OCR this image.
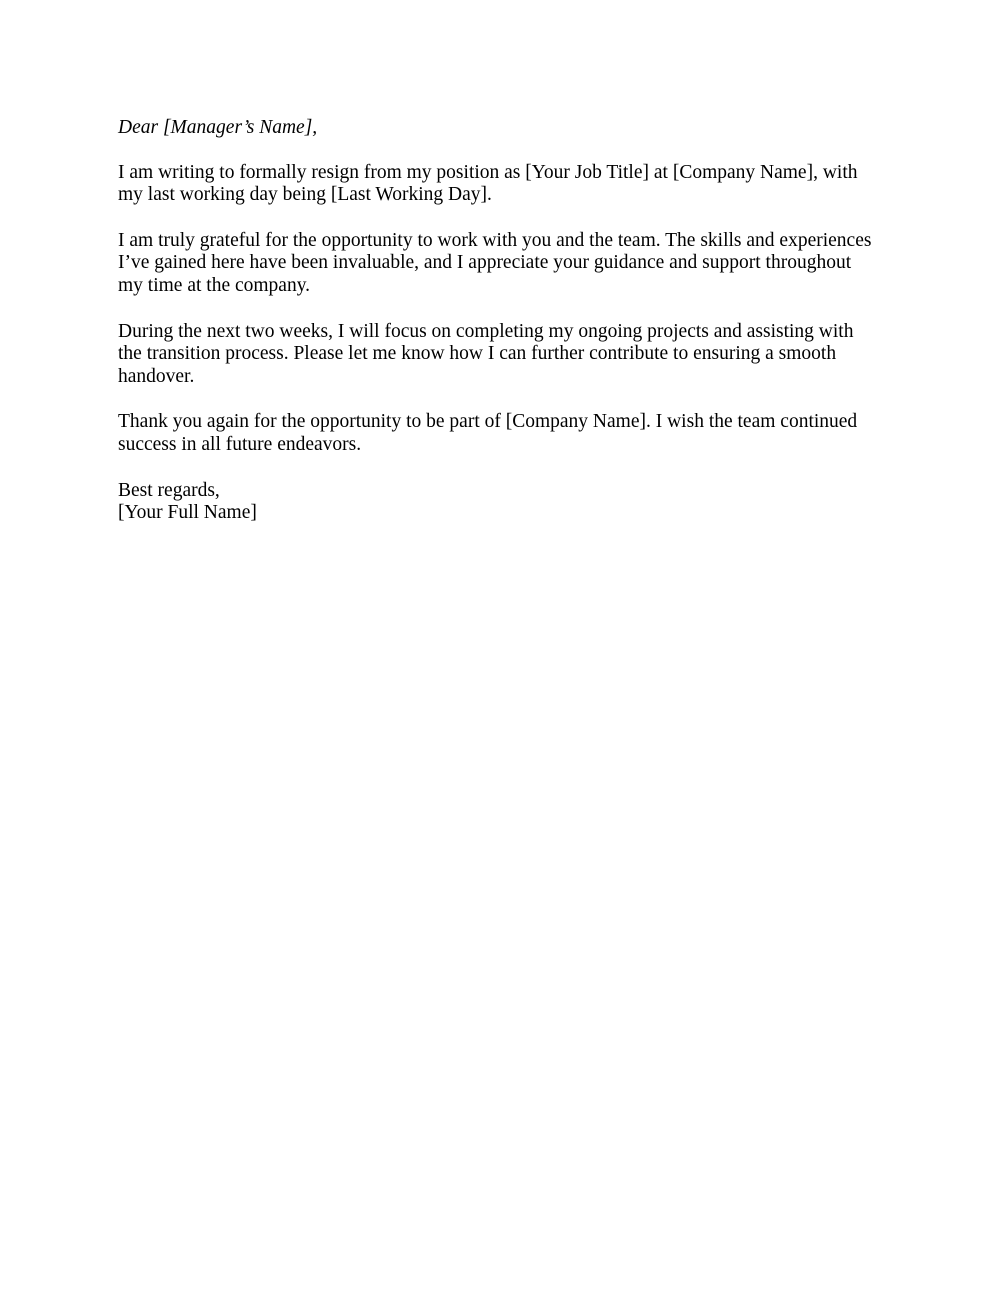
Dear [Manager’s Name],

I am writing to formally resign from my position as [Your Job Title] at [Company Name], with
my last working day being [Last Working Day].

I am truly grateful for the opportunity to work with you and the team. The skills and experiences
I’ve gained here have been invaluable, and I appreciate your guidance and support throughout
my time at the company.

During the next two weeks, I will focus on completing my ongoing projects and assisting with
the transition process. Please let me know how I can further contribute to ensuring a smooth
handover.

Thank you again for the opportunity to be part of [Company Name]. I wish the team continued
success in all future endeavors.

Best regards,
[Your Full Name]
